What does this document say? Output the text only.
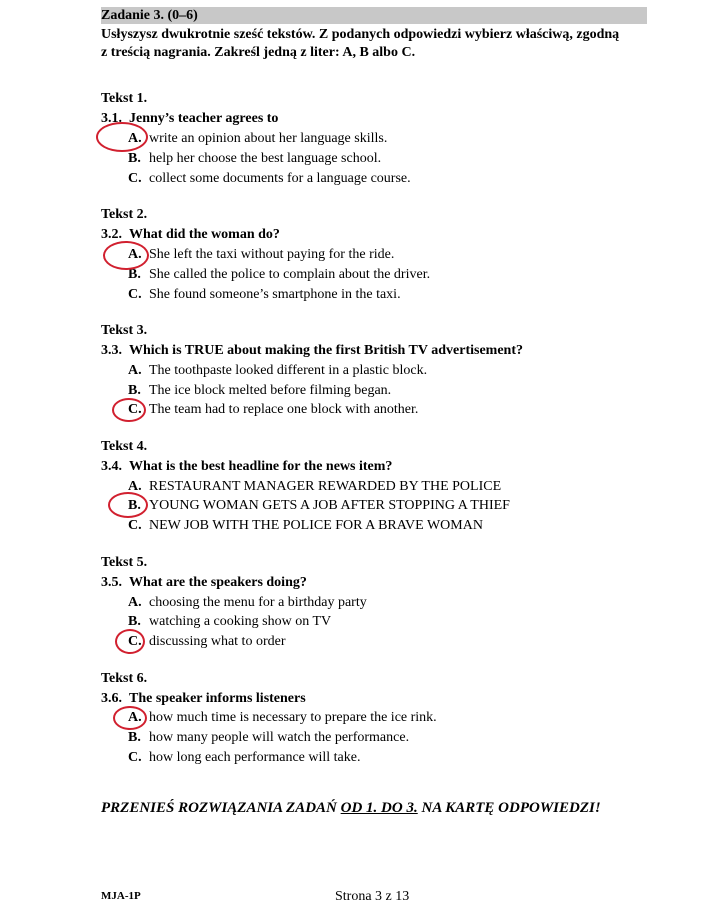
Zadanie 3. (0–6)
Usłyszysz dwukrotnie sześć tekstów. Z podanych odpowiedzi wybierz właściwą, zgodną
z treścią nagrania. Zakreśl jedną z liter: A, B albo C.
Tekst 1.
3.1. Jenny’s teacher agrees to
A. write an opinion about her language skills.
B. help her choose the best language school.
C. collect some documents for a language course.
Tekst 2.
3.2. What did the woman do?
A. She left the taxi without paying for the ride.
B. She called the police to complain about the driver.
C. She found someone’s smartphone in the taxi.
Tekst 3.
3.3. Which is TRUE about making the first British TV advertisement?
A. The toothpaste looked different in a plastic block.
B. The ice block melted before filming began.
C. The team had to replace one block with another.
Tekst 4.
3.4. What is the best headline for the news item?
A. RESTAURANT MANAGER REWARDED BY THE POLICE
B. YOUNG WOMAN GETS A JOB AFTER STOPPING A THIEF
C. NEW JOB WITH THE POLICE FOR A BRAVE WOMAN
Tekst 5.
3.5. What are the speakers doing?
A. choosing the menu for a birthday party
B. watching a cooking show on TV
C. discussing what to order
Tekst 6.
3.6. The speaker informs listeners
A. how much time is necessary to prepare the ice rink.
B. how many people will watch the performance.
C. how long each performance will take.
PRZENIEŚ ROZWIĄZANIA ZADAŃ OD 1. DO 3. NA KARTĘ ODPOWIEDZI!
MJA-1P	Strona 3 z 13
